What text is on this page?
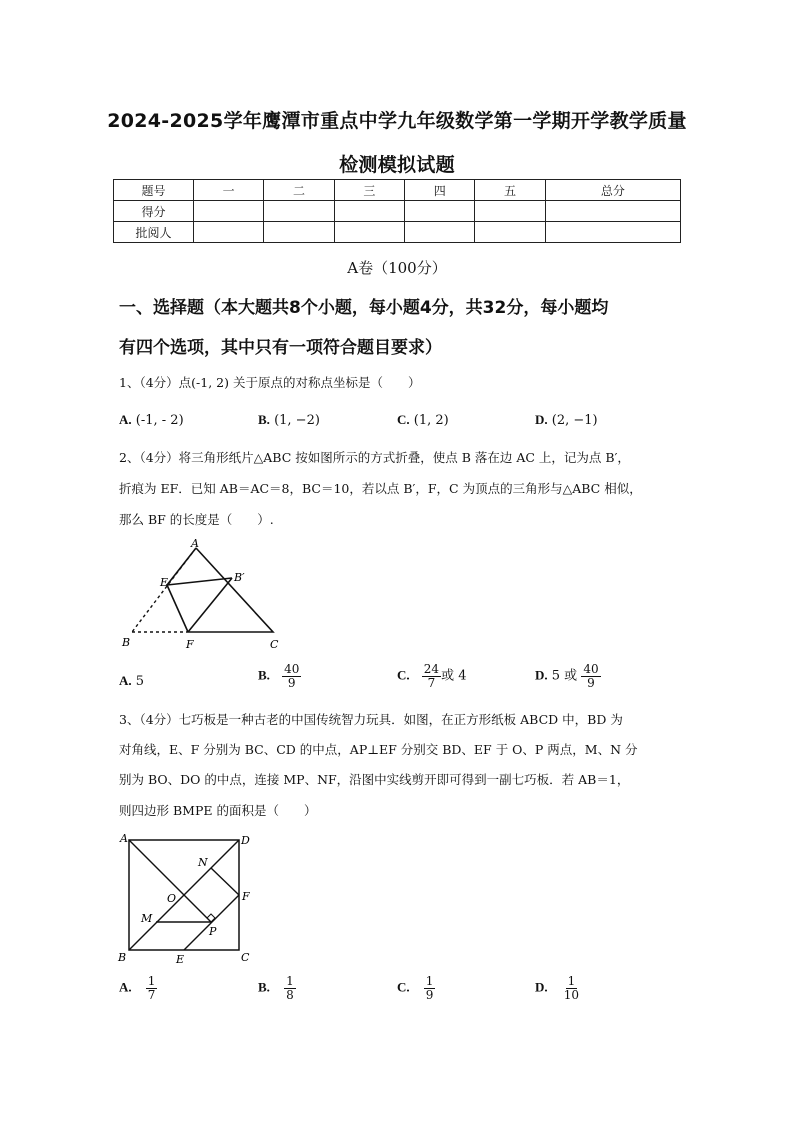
2024-2025学年鹰潭市重点中学九年级数学第一学期开学教学质量
检测模拟试题
题号	一	二	三	四	五	总分
得分						
批阅人						
A卷（100分）
一、选择题（本大题共8个小题，每小题4分，共32分，每小题均
有四个选项，其中只有一项符合题目要求）
1、（4分）点(-1, 2) 关于原点的对称点坐标是（　　）
A. (-1, - 2)	B. (1, −2)	C. (1, 2)	D. (2, −1)
2、（4分）将三角形纸片△ABC 按如图所示的方式折叠，使点 B 落在边 AC 上，记为点 B′，
折痕为 EF．已知 AB＝AC＝8，BC＝10，若以点 B′，F，C 为顶点的三角形与△ABC 相似，
那么 BF 的长度是（　　）.
A
E	B′
B	F	C
A. 5	B. $\frac{40}{9}$	C. $\frac{24}{7}$ 或 4	D. 5 或 $\frac{40}{9}$
3、（4分）七巧板是一种古老的中国传统智力玩具．如图，在正方形纸板 ABCD 中，BD 为
对角线，E、F 分别为 BC、CD 的中点，AP⊥EF 分别交 BD、EF 于 O、P 两点，M、N 分
别为 BO、DO 的中点，连接 MP、NF，沿图中实线剪开即可得到一副七巧板．若 AB＝1，
则四边形 BMPE 的面积是（　　）
A	D
N
O	F
M
P
B	E	C
A. $\frac{1}{7}$	B. $\frac{1}{8}$	C. $\frac{1}{9}$	D. $\frac{1}{10}$
